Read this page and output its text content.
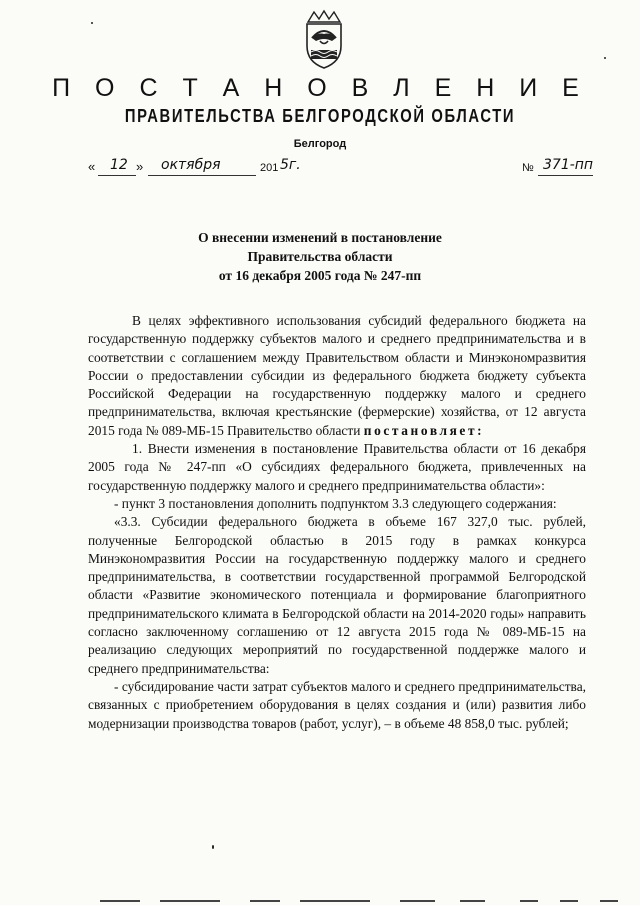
П О С Т А Н О В Л Е Н И Е
ПРАВИТЕЛЬСТВА БЕЛГОРОДСКОЙ ОБЛАСТИ
Белгород
« 12 » октября	201 5г.	№ 371-пп
О внесении изменений в постановление
Правительства области
от 16 декабря 2005 года № 247-пп

В целях эффективного использования субсидий федерального бюджета на государственную поддержку субъектов малого и среднего предпринимательства и в соответствии с соглашением между Правительством области и Минэкономразвития России о предоставлении субсидии из федерального бюджета бюджету субъекта Российской Федерации на государственную поддержку малого и среднего предпринимательства, включая крестьянские (фермерские) хозяйства, от 12 августа 2015 года № 089-МБ-15 Правительство области постановляет:

1. Внести изменения в постановление Правительства области от 16 декабря 2005 года № 247-пп «О субсидиях федерального бюджета, привлеченных на государственную поддержку малого и среднего предпринимательства области»:

- пункт 3 постановления дополнить подпунктом 3.3 следующего содержания:

«3.3. Субсидии федерального бюджета в объеме 167 327,0 тыс. рублей, полученные Белгородской областью в 2015 году в рамках конкурса Минэкономразвития России на государственную поддержку малого и среднего предпринимательства, в соответствии государственной программой Белгородской области «Развитие экономического потенциала и формирование благоприятного предпринимательского климата в Белгородской области на 2014-2020 годы» направить согласно заключенному соглашению от 12 августа 2015 года № 089-МБ-15 на реализацию следующих мероприятий по государственной поддержке малого и среднего предпринимательства:

- субсидирование части затрат субъектов малого и среднего предпринимательства, связанных с приобретением оборудования в целях создания и (или) развития либо модернизации производства товаров (работ, услуг), – в объеме 48 858,0 тыс. рублей;
